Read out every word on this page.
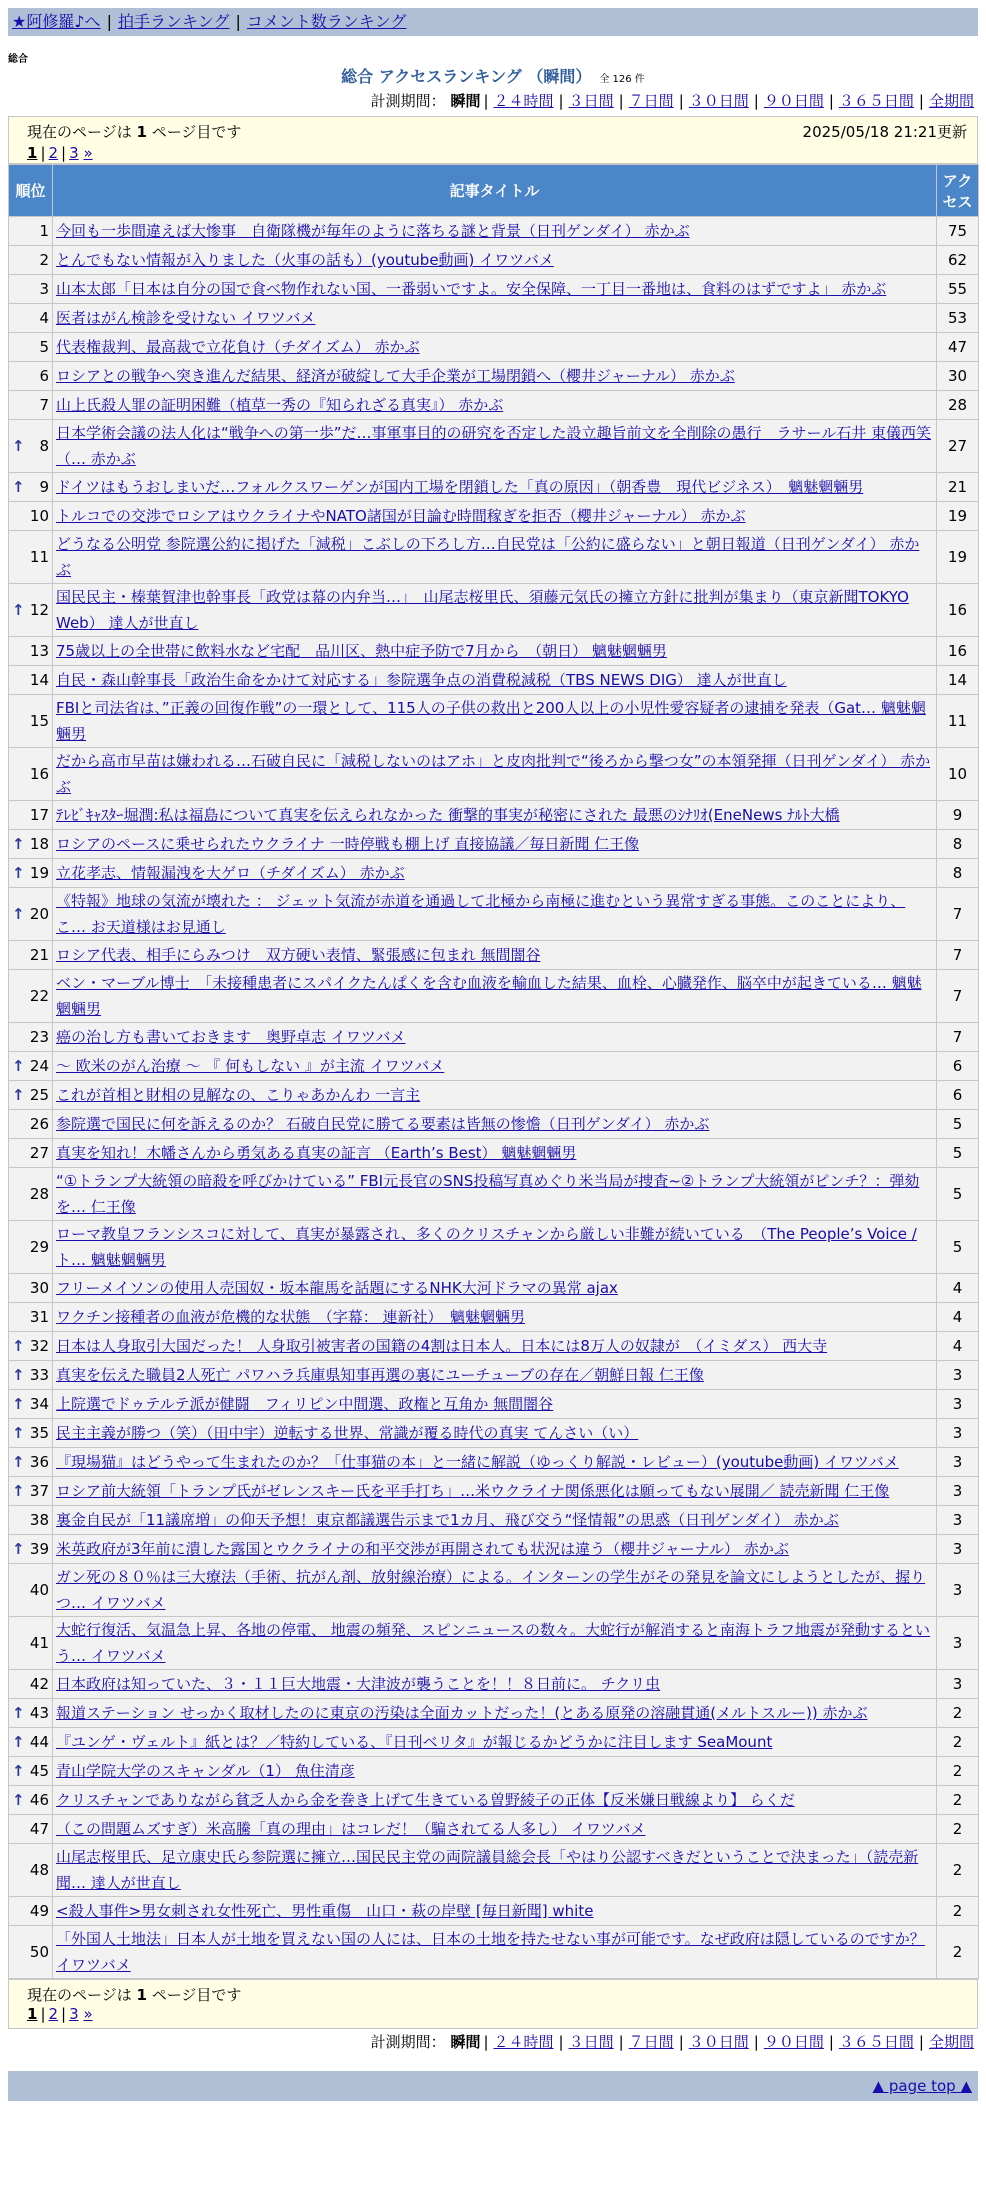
★阿修羅♪へ | 拍手ランキング | コメント数ランキング
総合
総合 アクセスランキング （瞬間） 全 126 件
計測期間： 瞬間 | ２４時間 | ３日間 | ７日間 | ３０日間 | ９０日間 | ３６５日間 | 全期間
現在のページは 1 ページ目です	2025/05/18 21:21更新
1 | 2 | 3 »
順位	記事タイトル	アクセス
1	今回も一歩間違えば大惨事　自衛隊機が毎年のように落ちる謎と背景（日刊ゲンダイ） 赤かぶ	75
2	とんでもない情報が入りました（火事の話も）(youtube動画) イワツバメ	62
3	山本太郎「日本は自分の国で食べ物作れない国、一番弱いですよ。安全保障、一丁目一番地は、食料のはずですよ」 赤かぶ	55
4	医者はがん検診を受けない イワツバメ	53
5	代表権裁判、最高裁で立花負け（チダイズム） 赤かぶ	47
6	ロシアとの戦争へ突き進んだ結果、経済が破綻して大手企業が工場閉鎖へ（櫻井ジャーナル） 赤かぶ	30
7	山上氏殺人罪の証明困難（植草一秀の『知られざる真実』） 赤かぶ	28

↑ 8	日本学術会議の法人化は“戦争への第一歩”だ…事軍事目的の研究を否定した設立趣旨前文を全削除の愚行　ラサール石井 東儀西笑（… 赤かぶ	27

↑ 9	ドイツはもうおしまいだ…フォルクスワーゲンが国内工場を閉鎖した「真の原因」（朝香豊　現代ビジネス）　魑魅魍魎男	21
10	トルコでの交渉でロシアはウクライナやNATO諸国が目論む時間稼ぎを拒否（櫻井ジャーナル） 赤かぶ	19
11	どうなる公明党 参院選公約に掲げた「減税」こぶしの下ろし方…自民党は「公約に盛らない」と朝日報道（日刊ゲンダイ） 赤かぶ	19

↑ 12	国民民主・榛葉賀津也幹事長「政党は幕の内弁当…」　山尾志桜里氏、須藤元気氏の擁立方針に批判が集まり（東京新聞TOKYO Web） 達人が世直し	16
13	75歳以上の全世帯に飲料水など宅配　品川区、熱中症予防で7月から　（朝日） 魑魅魍魎男	16
14	自民・森山幹事長「政治生命をかけて対応する」参院選争点の消費税減税（TBS NEWS DIG） 達人が世直し	14
15	FBIと司法省は、”正義の回復作戦”の一環として、115人の子供の救出と200人以上の小児性愛容疑者の逮捕を発表（Gat… 魑魅魍魎男	11
16	だから高市早苗は嫌われる…石破自民に「減税しないのはアホ」と皮肉批判で“後ろから撃つ女”の本領発揮（日刊ゲンダイ） 赤かぶ	10
17	ﾃﾚﾋﾞｷｬｽﾀｰ堀潤:私は福島について真実を伝えられなかった 衝撃的事実が秘密にされた 最悪のｼﾅﾘｵ(EneNews ﾅﾙﾄ大橋	9

↑ 18	ロシアのペースに乗せられたウクライナ 一時停戦も棚上げ 直接協議／毎日新聞 仁王像	8

↑ 19	立花孝志、情報漏洩を大ゲロ（チダイズム） 赤かぶ	8

↑ 20	《特報》地球の気流が壊れた ： ジェット気流が赤道を通過して北極から南極に進むという異常すぎる事態。このことにより、こ… お天道様はお見通し	7
21	ロシア代表、相手にらみつけ　双方硬い表情、緊張感に包まれ 無間闇谷	7
22	ベン・マーブル博士　「未接種患者にスパイクたんぱくを含む血液を輸血した結果、血栓、心臓発作、脳卒中が起きている… 魑魅魍魎男	7
23	癌の治し方も書いておきます　奥野卓志 イワツバメ	7

↑ 24	～ 欧米のがん治療 ～ 『 何もしない 』が主流 イワツバメ	6

↑ 25	これが首相と財相の見解なの、こりゃあかんわ 一言主	6
26	参院選で国民に何を訴えるのか？ 石破自民党に勝てる要素は皆無の惨憺（日刊ゲンダイ） 赤かぶ	5
27	真実を知れ！木幡さんから勇気ある真実の証言 （Earth’s Best） 魑魅魍魎男	5
28	“①トランプ大統領の暗殺を呼びかけている” FBI元長官のSNS投稿写真めぐり米当局が捜査~②トランプ大統領がピンチ？：弾劾を… 仁王像	5
29	ローマ教皇フランシスコに対して、真実が暴露され、多くのクリスチャンから厳しい非難が続いている　（The People’s Voice / ト… 魑魅魍魎男	5
30	フリーメイソンの使用人売国奴・坂本龍馬を話題にするNHK大河ドラマの異常 ajax	4
31	ワクチン接種者の血液が危機的な状態　（字幕： 連新社）　魑魅魍魎男	4

↑ 32	日本は人身取引大国だった！ 人身取引被害者の国籍の4割は日本人。日本には8万人の奴隷が　（イミダス） 西大寺	4

↑ 33	真実を伝えた職員2人死亡 パワハラ兵庫県知事再選の裏にユーチューブの存在／朝鮮日報 仁王像	3

↑ 34	上院選でドゥテルテ派が健闘　フィリピン中間選、政権と互角か 無間闇谷	3

↑ 35	民主主義が勝つ（笑）（田中宇）逆転する世界、常識が覆る時代の真実 てんさい（い）	3

↑ 36	『現場猫』はどうやって生まれたのか？「仕事猫の本」と一緒に解説（ゆっくり解説・レビュー）(youtube動画) イワツバメ	3

↑ 37	ロシア前大統領「トランプ氏がゼレンスキー氏を平手打ち」…米ウクライナ関係悪化は願ってもない展開／ 読売新聞 仁王像	3
38	裏金自民が「11議席増」の仰天予想！東京都議選告示まで1カ月、飛び交う“怪情報”の思惑（日刊ゲンダイ） 赤かぶ	3

↑ 39	米英政府が3年前に潰した露国とウクライナの和平交渉が再開されても状況は違う（櫻井ジャーナル） 赤かぶ	3
40	ガン死の８０％は三大療法（手術、抗がん剤、放射線治療）による。インターンの学生がその発見を論文にしようとしたが、握りつ… イワツバメ	3
41	大蛇行復活、気温急上昇、各地の停電、 地震の頻発、スピンニュースの数々。大蛇行が解消すると南海トラフ地震が発動するという… イワツバメ	3
42	日本政府は知っていた、３・１１巨大地震・大津波が襲うことを！！８日前に。 チクリ虫	3

↑ 43	報道ステーション せっかく取材したのに東京の汚染は全面カットだった！(とある原発の溶融貫通(メルトスルー)) 赤かぶ	2

↑ 44	『ユンゲ・ヴェルト』紙とは？／特約している、『日刊ベリタ』が報じるかどうかに注目します SeaMount	2

↑ 45	青山学院大学のスキャンダル（1） 魚住清彦	2

↑ 46	クリスチャンでありながら貧乏人から金を巻き上げて生きている曽野綾子の正体【反米嫌日戦線より】 らくだ	2
47	（この問題ムズすぎ）米高騰「真の理由」はコレだ！（騙されてる人多し） イワツバメ	2
48	山尾志桜里氏、足立康史氏ら参院選に擁立…国民民主党の両院議員総会長「やはり公認すべきだということで決まった」（読売新聞… 達人が世直し	2
49	<殺人事件>男女刺され女性死亡、男性重傷　山口・萩の岸壁 [毎日新聞] white	2
50	「外国人土地法」日本人が土地を買えない国の人には、日本の土地を持たせない事が可能です。なぜ政府は隠しているのですか？ イワツバメ	2
現在のページは 1 ページ目です
1 | 2 | 3 »
計測期間： 瞬間 | ２４時間 | ３日間 | ７日間 | ３０日間 | ９０日間 | ３６５日間 | 全期間
▲ page top ▲
